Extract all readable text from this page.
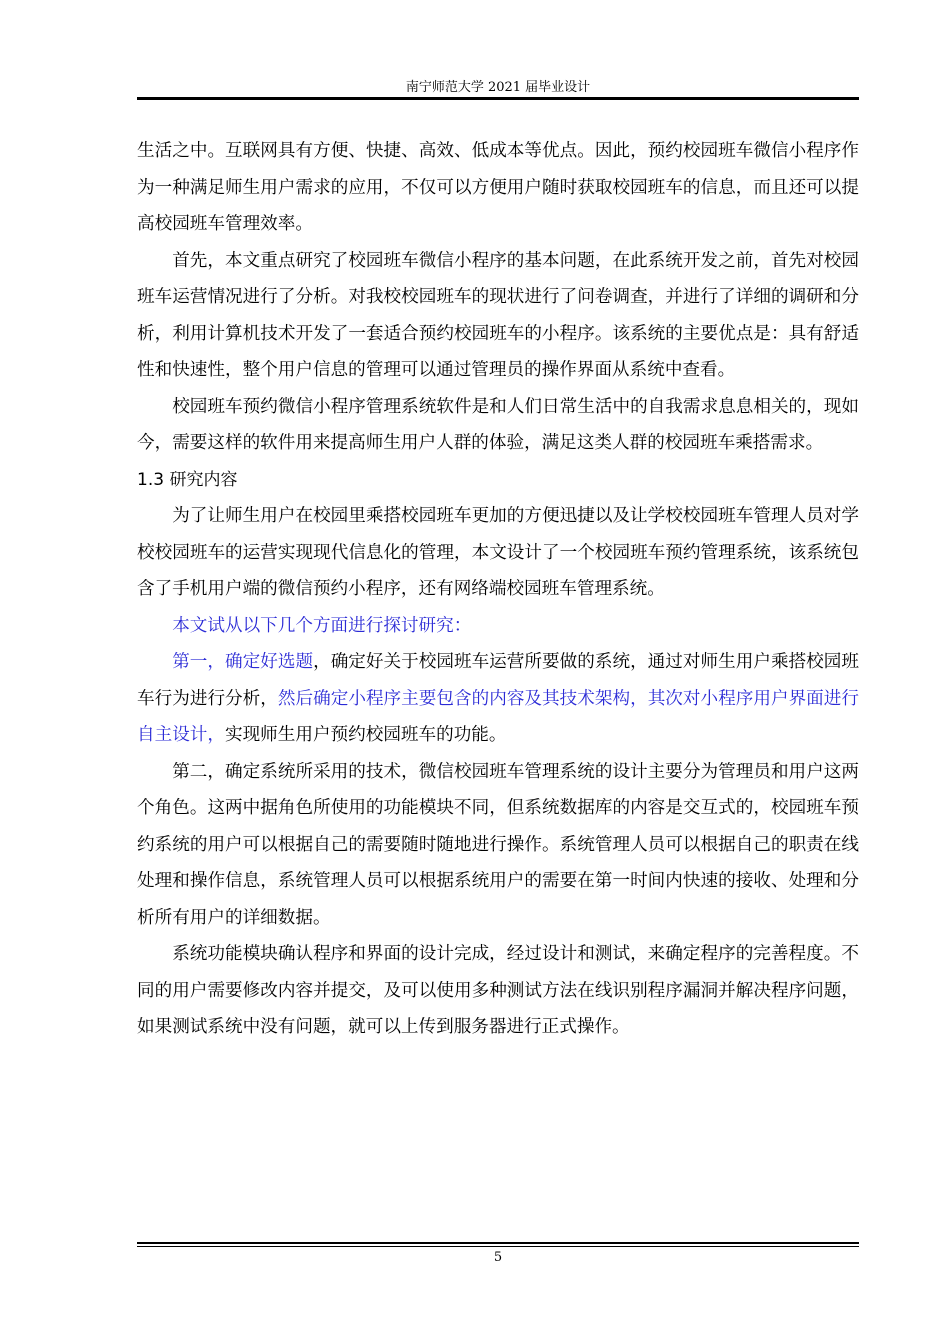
南宁师范大学 2021 届毕业设计

生活之中。互联网具有方便、快捷、高效、低成本等优点。因此，预约校园班车微信小程序作为一种满足师生用户需求的应用，不仅可以方便用户随时获取校园班车的信息，而且还可以提高校园班车管理效率。

首先，本文重点研究了校园班车微信小程序的基本问题，在此系统开发之前，首先对校园班车运营情况进行了分析。对我校校园班车的现状进行了问卷调查，并进行了详细的调研和分析，利用计算机技术开发了一套适合预约校园班车的小程序。该系统的主要优点是：具有舒适性和快速性，整个用户信息的管理可以通过管理员的操作界面从系统中查看。

校园班车预约微信小程序管理系统软件是和人们日常生活中的自我需求息息相关的，现如今，需要这样的软件用来提高师生用户人群的体验，满足这类人群的校园班车乘搭需求。

1.3 研究内容

为了让师生用户在校园里乘搭校园班车更加的方便迅捷以及让学校校园班车管理人员对学校校园班车的运营实现现代信息化的管理，本文设计了一个校园班车预约管理系统，该系统包含了手机用户端的微信预约小程序，还有网络端校园班车管理系统。

本文试从以下几个方面进行探讨研究：

第一，确定好选题，确定好关于校园班车运营所要做的系统，通过对师生用户乘搭校园班车行为进行分析，然后确定小程序主要包含的内容及其技术架构，其次对小程序用户界面进行自主设计，实现师生用户预约校园班车的功能。

第二，确定系统所采用的技术，微信校园班车管理系统的设计主要分为管理员和用户这两个角色。这两中据角色所使用的功能模块不同，但系统数据库的内容是交互式的，校园班车预约系统的用户可以根据自己的需要随时随地进行操作。系统管理人员可以根据自己的职责在线处理和操作信息，系统管理人员可以根据系统用户的需要在第一时间内快速的接收、处理和分析所有用户的详细数据。

系统功能模块确认程序和界面的设计完成，经过设计和测试，来确定程序的完善程度。不同的用户需要修改内容并提交，及可以使用多种测试方法在线识别程序漏洞并解决程序问题，如果测试系统中没有问题，就可以上传到服务器进行正式操作。

5
